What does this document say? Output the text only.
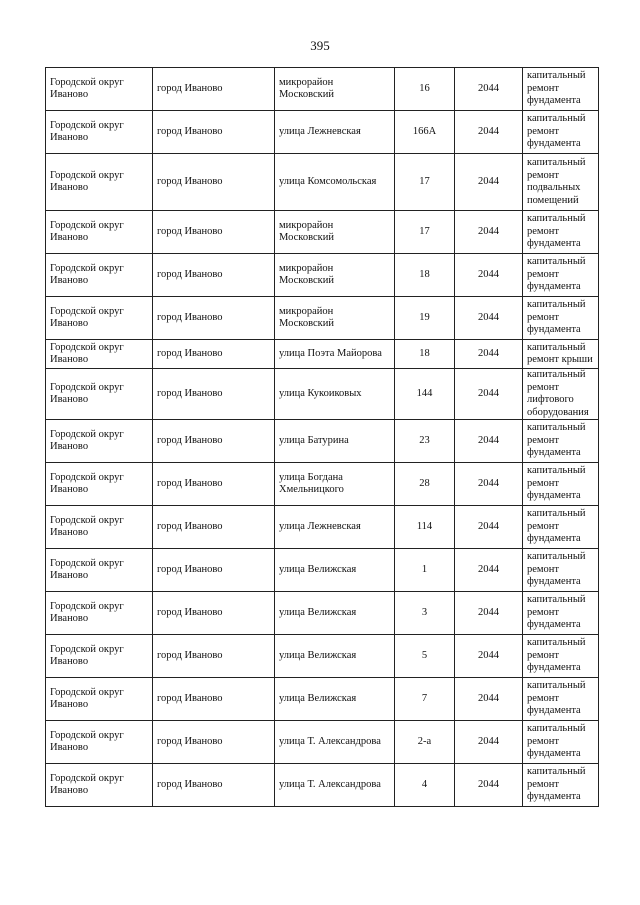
395
Городской округ Иваново	город Иваново	микрорайон Московский	16	2044	капитальный ремонт фундамента
Городской округ Иваново	город Иваново	улица Лежневская	166А	2044	капитальный ремонт фундамента
Городской округ Иваново	город Иваново	улица Комсомольская	17	2044	капитальный ремонт подвальных помещений
Городской округ Иваново	город Иваново	микрорайон Московский	17	2044	капитальный ремонт фундамента
Городской округ Иваново	город Иваново	микрорайон Московский	18	2044	капитальный ремонт фундамента
Городской округ Иваново	город Иваново	микрорайон Московский	19	2044	капитальный ремонт фундамента
Городской округ Иваново	город Иваново	улица Поэта Майорова	18	2044	капитальный ремонт крыши
Городской округ Иваново	город Иваново	улица Кукоиковых	144	2044	капитальный ремонт лифтового оборудования
Городской округ Иваново	город Иваново	улица Батурина	23	2044	капитальный ремонт фундамента
Городской округ Иваново	город Иваново	улица Богдана Хмельницкого	28	2044	капитальный ремонт фундамента
Городской округ Иваново	город Иваново	улица Лежневская	114	2044	капитальный ремонт фундамента
Городской округ Иваново	город Иваново	улица Велижская	1	2044	капитальный ремонт фундамента
Городской округ Иваново	город Иваново	улица Велижская	3	2044	капитальный ремонт фундамента
Городской округ Иваново	город Иваново	улица Велижская	5	2044	капитальный ремонт фундамента
Городской округ Иваново	город Иваново	улица Велижская	7	2044	капитальный ремонт фундамента
Городской округ Иваново	город Иваново	улица Т. Александрова	2-а	2044	капитальный ремонт фундамента
Городской округ Иваново	город Иваново	улица Т. Александрова	4	2044	капитальный ремонт фундамента
